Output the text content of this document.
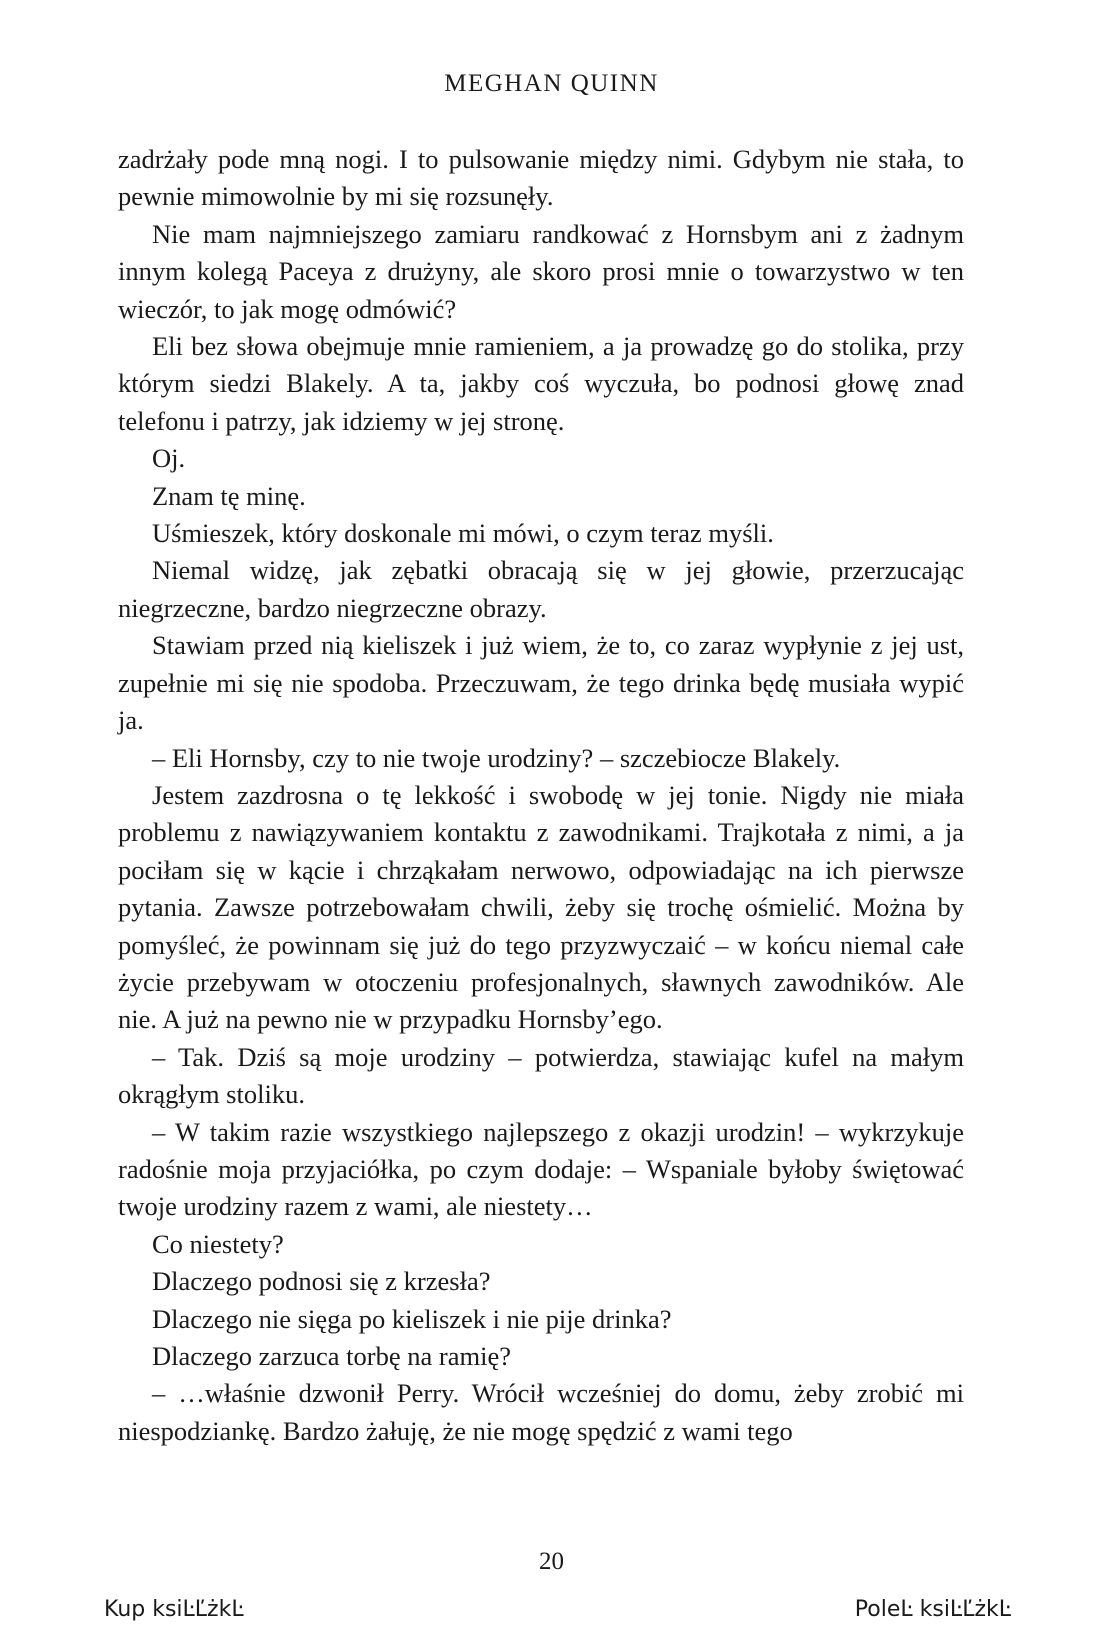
MEGHAN QUINN

zadrżały pode mną nogi. I to pulsowanie między nimi. Gdybym nie stała, to pewnie mimowolnie by mi się rozsunęły.

Nie mam najmniejszego zamiaru randkować z Hornsbym ani z żadnym innym kolegą Paceya z drużyny, ale skoro prosi mnie o towarzystwo w ten wieczór, to jak mogę odmówić?

Eli bez słowa obejmuje mnie ramieniem, a ja prowadzę go do stolika, przy którym siedzi Blakely. A ta, jakby coś wyczuła, bo podnosi głowę znad telefonu i patrzy, jak idziemy w jej stronę.

Oj.

Znam tę minę.

Uśmieszek, który doskonale mi mówi, o czym teraz myśli.

Niemal widzę, jak zębatki obracają się w jej głowie, przerzucając niegrzeczne, bardzo niegrzeczne obrazy.

Stawiam przed nią kieliszek i już wiem, że to, co zaraz wypłynie z jej ust, zupełnie mi się nie spodoba. Przeczuwam, że tego drinka będę musiała wypić ja.

– Eli Hornsby, czy to nie twoje urodziny? – szczebiocze Blakely.

Jestem zazdrosna o tę lekkość i swobodę w jej tonie. Nigdy nie miała problemu z nawiązywaniem kontaktu z zawodnikami. Trajkotała z nimi, a ja pociłam się w kącie i chrząkałam nerwowo, odpowiadając na ich pierwsze pytania. Zawsze potrzebowałam chwili, żeby się trochę ośmielić. Można by pomyśleć, że powinnam się już do tego przyzwyczaić – w końcu niemal całe życie przebywam w otoczeniu profesjonalnych, sławnych zawodników. Ale nie. A już na pewno nie w przypadku Hornsby’ego.

– Tak. Dziś są moje urodziny – potwierdza, stawiając kufel na małym okrągłym stoliku.

– W takim razie wszystkiego najlepszego z okazji urodzin! – wykrzykuje radośnie moja przyjaciółka, po czym dodaje: – Wspaniale byłoby świętować twoje urodziny razem z wami, ale niestety…

Co niestety?

Dlaczego podnosi się z krzesła?

Dlaczego nie sięga po kieliszek i nie pije drinka?

Dlaczego zarzuca torbę na ramię?

– …właśnie dzwonił Perry. Wrócił wcześniej do domu, żeby zrobić mi niespodziankę. Bardzo żałuję, że nie mogę spędzić z wami tego

20
Kup ksiĿĽżkĿ	PoleĿ ksiĿĽżkĿ
